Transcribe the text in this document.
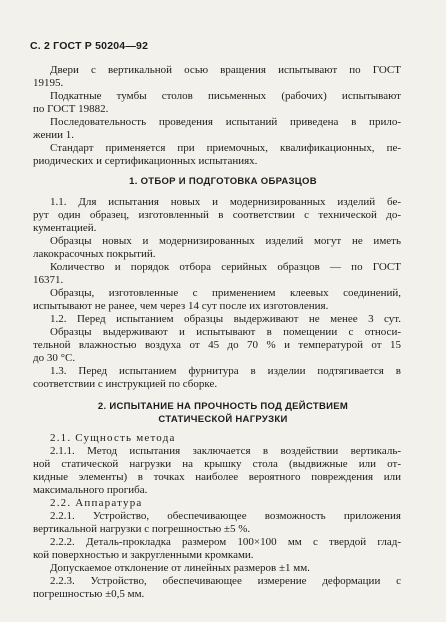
С. 2 ГОСТ Р 50204—92
1. ОТБОР И ПОДГОТОВКА ОБРАЗЦОВ
2. ИСПЫТАНИЕ НА ПРОЧНОСТЬ ПОД ДЕЙСТВИЕМ
СТАТИЧЕСКОЙ НАГРУЗКИ
Двери с вертикальной осью вращения испытывают по ГОСТ
19195.
Подкатные тумбы столов письменных (рабочих) испытывают
по ГОСТ 19882.
Последовательность проведения испытаний приведена в прило-
жении 1.
Стандарт применяется при приемочных, квалификационных, пе-
риодических и сертификационных испытаниях.
1.1. Для испытания новых и модернизированных изделий бе-
рут один образец, изготовленный в соответствии с технической до-
кументацией.
Образцы новых и модернизированных изделий могут не иметь
лакокрасочных покрытий.
Количество и порядок отбора серийных образцов — по ГОСТ
16371.
Образцы, изготовленные с применением клеевых соединений,
испытывают не ранее, чем через 14 сут после их изготовления.
1.2. Перед испытанием образцы выдерживают не менее 3 сут.
Образцы выдерживают и испытывают в помещении с относи-
тельной влажностью воздуха от 45 до 70 % и температурой от 15
до 30 °С.
1.3. Перед испытанием фурнитура в изделии подтягивается в
соответствии с инструкцией по сборке.
2.1. Сущность метода
2.1.1. Метод испытания заключается в воздействии вертикаль-
ной статической нагрузки на крышку стола (выдвижные или от-
кидные элементы) в точках наиболее вероятного повреждения или
максимального прогиба.
2.2. Аппаратура
2.2.1. Устройство, обеспечивающее возможность приложения
вертикальной нагрузки с погрешностью ±5 %.
2.2.2. Деталь-прокладка размером 100×100 мм с твердой глад-
кой поверхностью и закругленными кромками.
Допускаемое отклонение от линейных размеров ±1 мм.
2.2.3. Устройство, обеспечивающее измерение деформации с
погрешностью ±0,5 мм.
